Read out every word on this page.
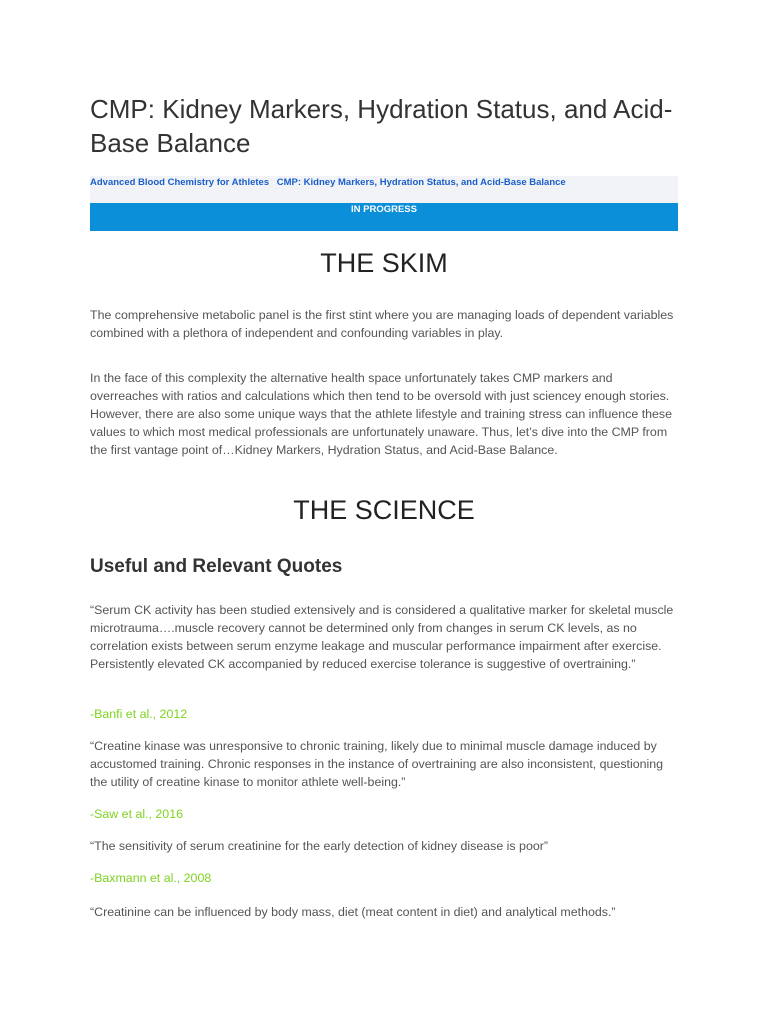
CMP: Kidney Markers, Hydration Status, and Acid-Base Balance
Advanced Blood Chemistry for Athletes CMP: Kidney Markers, Hydration Status, and Acid-Base Balance
IN PROGRESS
THE SKIM

The comprehensive metabolic panel is the first stint where you are managing loads of dependent variables combined with a plethora of independent and confounding variables in play.

In the face of this complexity the alternative health space unfortunately takes CMP markers and overreaches with ratios and calculations which then tend to be oversold with just sciencey enough stories. However, there are also some unique ways that the athlete lifestyle and training stress can influence these values to which most medical professionals are unfortunately unaware. Thus, let’s dive into the CMP from the first vantage point of…Kidney Markers, Hydration Status, and Acid-Base Balance.

THE SCIENCE
Useful and Relevant Quotes

“Serum CK activity has been studied extensively and is considered a qualitative marker for skeletal muscle microtrauma….muscle recovery cannot be determined only from changes in serum CK levels, as no correlation exists between serum enzyme leakage and muscular performance impairment after exercise. Persistently elevated CK accompanied by reduced exercise tolerance is suggestive of overtraining.”

-Banfi et al., 2012

“Creatine kinase was unresponsive to chronic training, likely due to minimal muscle damage induced by accustomed training. Chronic responses in the instance of overtraining are also inconsistent, questioning the utility of creatine kinase to monitor athlete well-being.”

-Saw et al., 2016

“The sensitivity of serum creatinine for the early detection of kidney disease is poor”

-Baxmann et al., 2008

“Creatinine can be influenced by body mass, diet (meat content in diet) and analytical methods.”
